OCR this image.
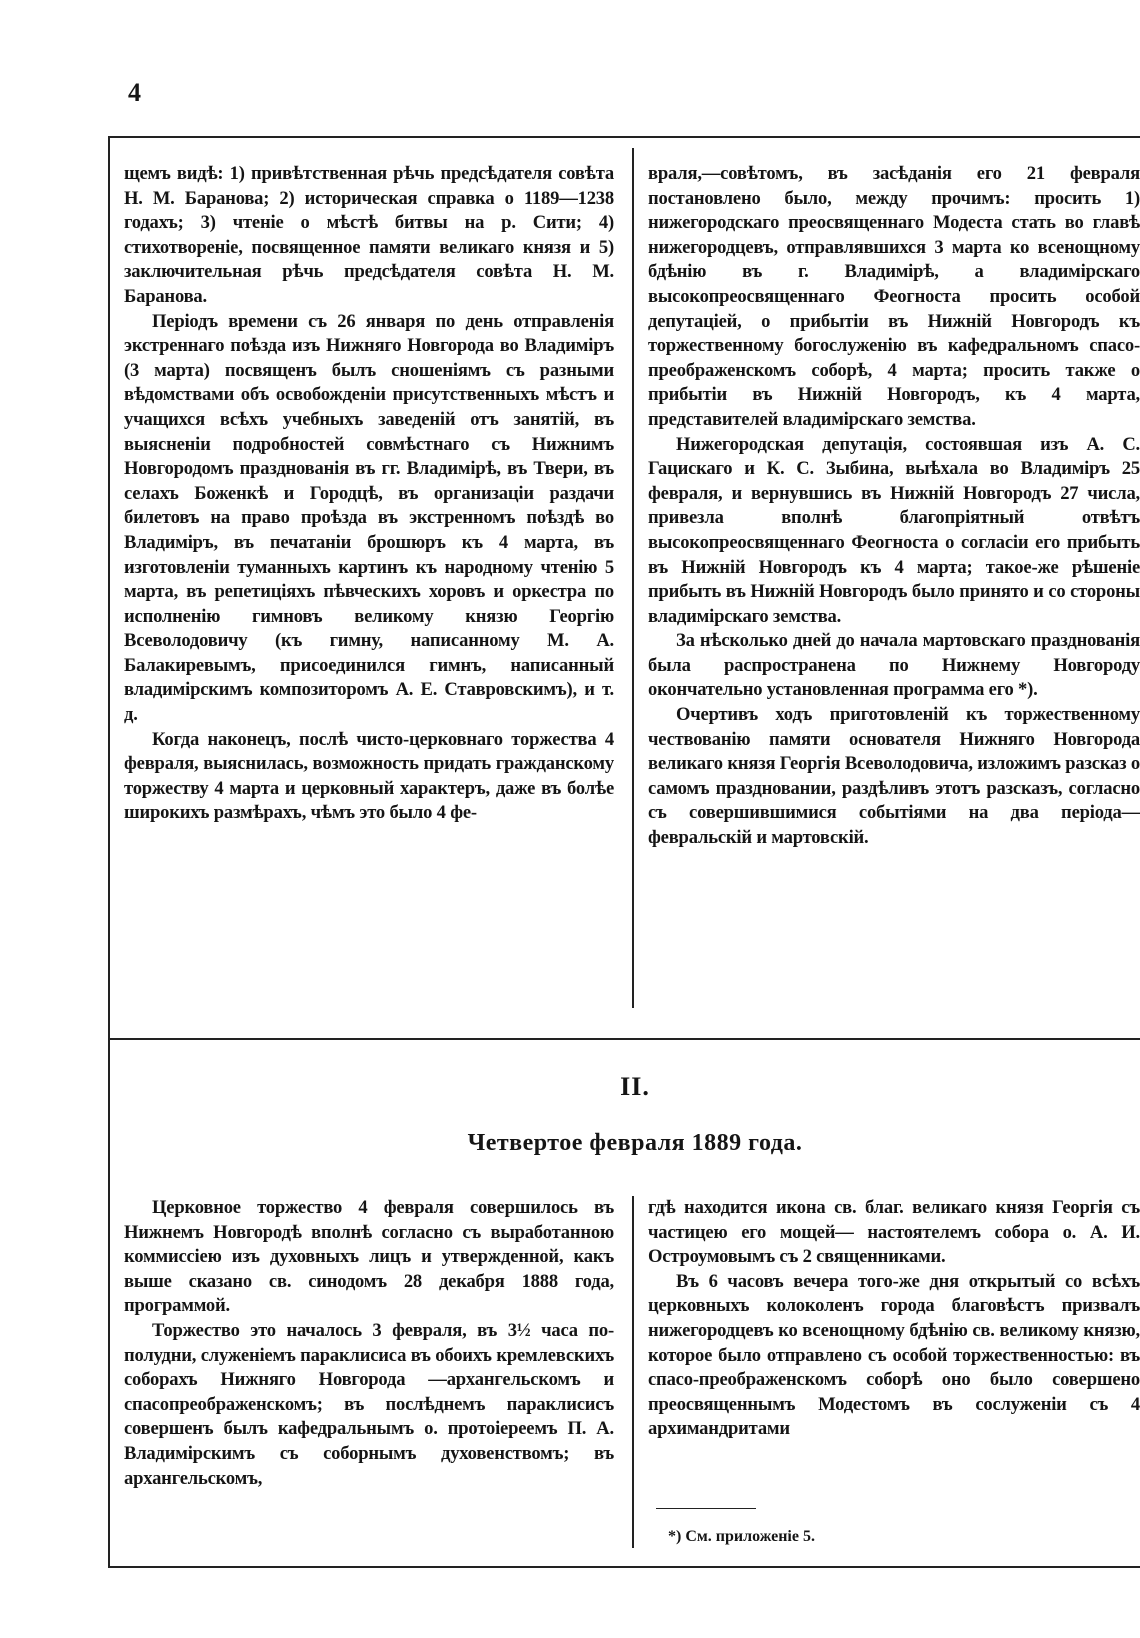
4

щемъ видѣ: 1) привѣтственная рѣчь предсѣдателя совѣта Н. М. Баранова; 2) историческая справка о 1189—1238 годахъ; 3) чтеніе о мѣстѣ битвы на р. Сити; 4) стихотвореніе, посвященное памяти великаго князя и 5) заключительная рѣчь предсѣдателя совѣта Н. М. Баранова.

Періодъ времени съ 26 января по день отправленія экстреннаго поѣзда изъ Нижняго Новгорода во Владиміръ (3 марта) посвященъ былъ сношеніямъ съ разными вѣдомствами объ освобожденіи присутственныхъ мѣстъ и учащихся всѣхъ учебныхъ заведеній отъ занятій, въ выясненіи подробностей совмѣстнаго съ Нижнимъ Новгородомъ празднованія въ гг. Владимірѣ, въ Твери, въ селахъ Боженкѣ и Городцѣ, въ организаціи раздачи билетовъ на право проѣзда въ экстренномъ поѣздѣ во Владиміръ, въ печатаніи брошюръ къ 4 марта, въ изготовленіи туманныхъ картинъ къ народному чтенію 5 марта, въ репетиціяхъ пѣвческихъ хоровъ и оркестра по исполненію гимновъ великому князю Георгію Всеволодовичу (къ гимну, написанному М. А. Балакиревымъ, присоединился гимнъ, написанный владимірскимъ композиторомъ А. Е. Ставровскимъ), и т. д.

Когда наконецъ, послѣ чисто-церковнаго торжества 4 февраля, выяснилась, возможность придать гражданскому торжеству 4 марта и церковный характеръ, даже въ болѣе широкихъ размѣрахъ, чѣмъ это было 4 фе-

враля,—совѣтомъ, въ засѣданія его 21 февраля постановлено было, между прочимъ: просить 1) нижегородскаго преосвященнаго Модеста стать во главѣ нижегородцевъ, отправлявшихся 3 марта ко всенощному бдѣнію въ г. Владимірѣ, а владимірскаго высокопреосвященнаго Феогноста просить особой депутаціей, о прибытіи въ Нижній Новгородъ къ торжественному богослуженію въ кафедральномъ спасо-преображенскомъ соборѣ, 4 марта; просить также о прибытіи въ Нижній Новгородъ, къ 4 марта, представителей владимірскаго земства.

Нижегородская депутація, состоявшая изъ А. С. Гацискаго и К. С. Зыбина, выѣхала во Владиміръ 25 февраля, и вернувшись въ Нижній Новгородъ 27 числа, привезла вполнѣ благопріятный отвѣтъ высокопреосвященнаго Феогноста о согласіи его прибыть въ Нижній Новгородъ къ 4 марта; такое-же рѣшеніе прибыть въ Нижній Новгородъ было принято и со стороны владимірскаго земства.

За нѣсколько дней до начала мартовскаго празднованія была распространена по Нижнему Новгороду окончательно установленная программа его *).

Очертивъ ходъ приготовленій къ торжественному чествованію памяти основателя Нижняго Новгорода великаго князя Георгія Всеволодовича, изложимъ разсказ о самомъ праздновании, раздѣливъ этотъ разсказъ, согласно съ совершившимися событіями на два періода—февральскій и мартовскій.

II.

Четвертое февраля 1889 года.

Церковное торжество 4 февраля совершилось въ Нижнемъ Новгородѣ вполнѣ согласно съ выработанною коммиссіею изъ духовныхъ лицъ и утвержденной, какъ выше сказано св. синодомъ 28 декабря 1888 года, программой.

Торжество это началось 3 февраля, въ 3½ часа по-полудни, служеніемъ параклисиса въ обоихъ кремлевскихъ соборахъ Нижняго Новгорода —архангельскомъ и спасопреображенскомъ; въ послѣднемъ параклисисъ совершенъ былъ кафедральнымъ о. протоіереемъ П. А. Владимірскимъ съ соборнымъ духовенствомъ; въ архангельскомъ,

гдѣ находится икона св. благ. великаго князя Георгія съ частицею его мощей— настоятелемъ собора о. А. И. Остроумовымъ съ 2 священниками.

Въ 6 часовъ вечера того-же дня открытый со всѣхъ церковныхъ колоколенъ города благовѣстъ призвалъ нижегородцевъ ко всенощному бдѣнію св. великому князю, которое было отправлено съ особой торжественностью: въ спасо-преображенскомъ соборѣ оно было совершено преосвященнымъ Модестомъ въ сослуженіи съ 4 архимандритами

*) См. приложеніе 5.
